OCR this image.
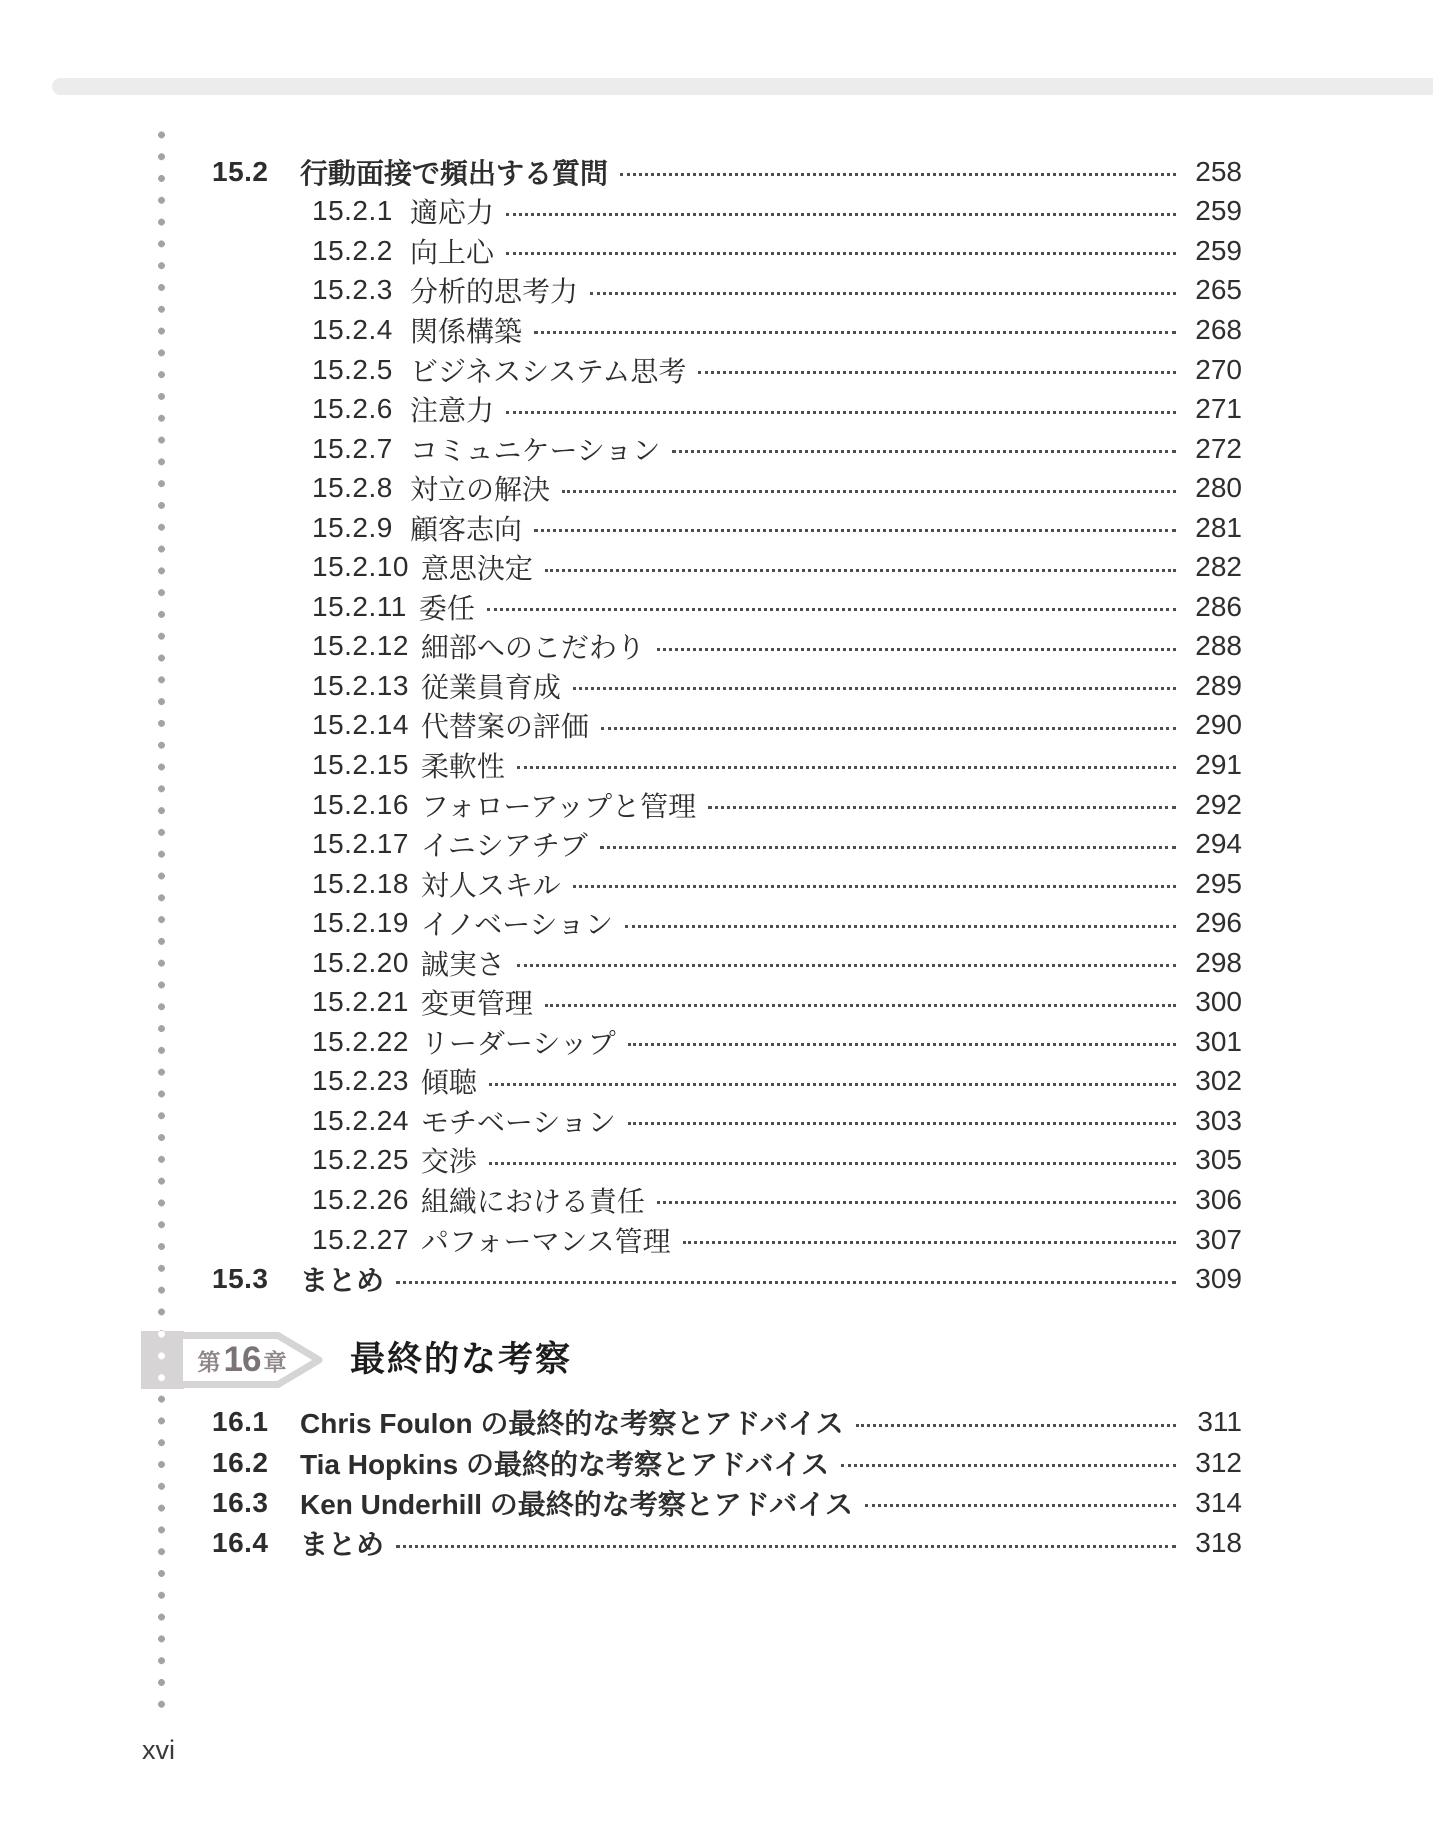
15.2	行動面接で頻出する質問	258
15.2.1 適応力	259
15.2.2 向上心	259
15.2.3 分析的思考力	265
15.2.4 関係構築	268
15.2.5 ビジネスシステム思考	270
15.2.6 注意力	271
15.2.7 コミュニケーション	272
15.2.8 対立の解決	280
15.2.9 顧客志向	281
15.2.10 意思決定	282
15.2.11 委任	286
15.2.12 細部へのこだわり	288
15.2.13 従業員育成	289
15.2.14 代替案の評価	290
15.2.15 柔軟性	291
15.2.16 フォローアップと管理	292
15.2.17 イニシアチブ	294
15.2.18 対人スキル	295
15.2.19 イノベーション	296
15.2.20 誠実さ	298
15.2.21 変更管理	300
15.2.22 リーダーシップ	301
15.2.23 傾聴	302
15.2.24 モチベーション	303
15.2.25 交渉	305
15.2.26 組織における責任	306
15.2.27 パフォーマンス管理	307
15.3	まとめ	309
第 16 章 最終的な考察
16.1	Chris Foulon の最終的な考察とアドバイス	311
16.2	Tia Hopkins の最終的な考察とアドバイス	312
16.3	Ken Underhill の最終的な考察とアドバイス	314
16.4	まとめ	318
xvi
